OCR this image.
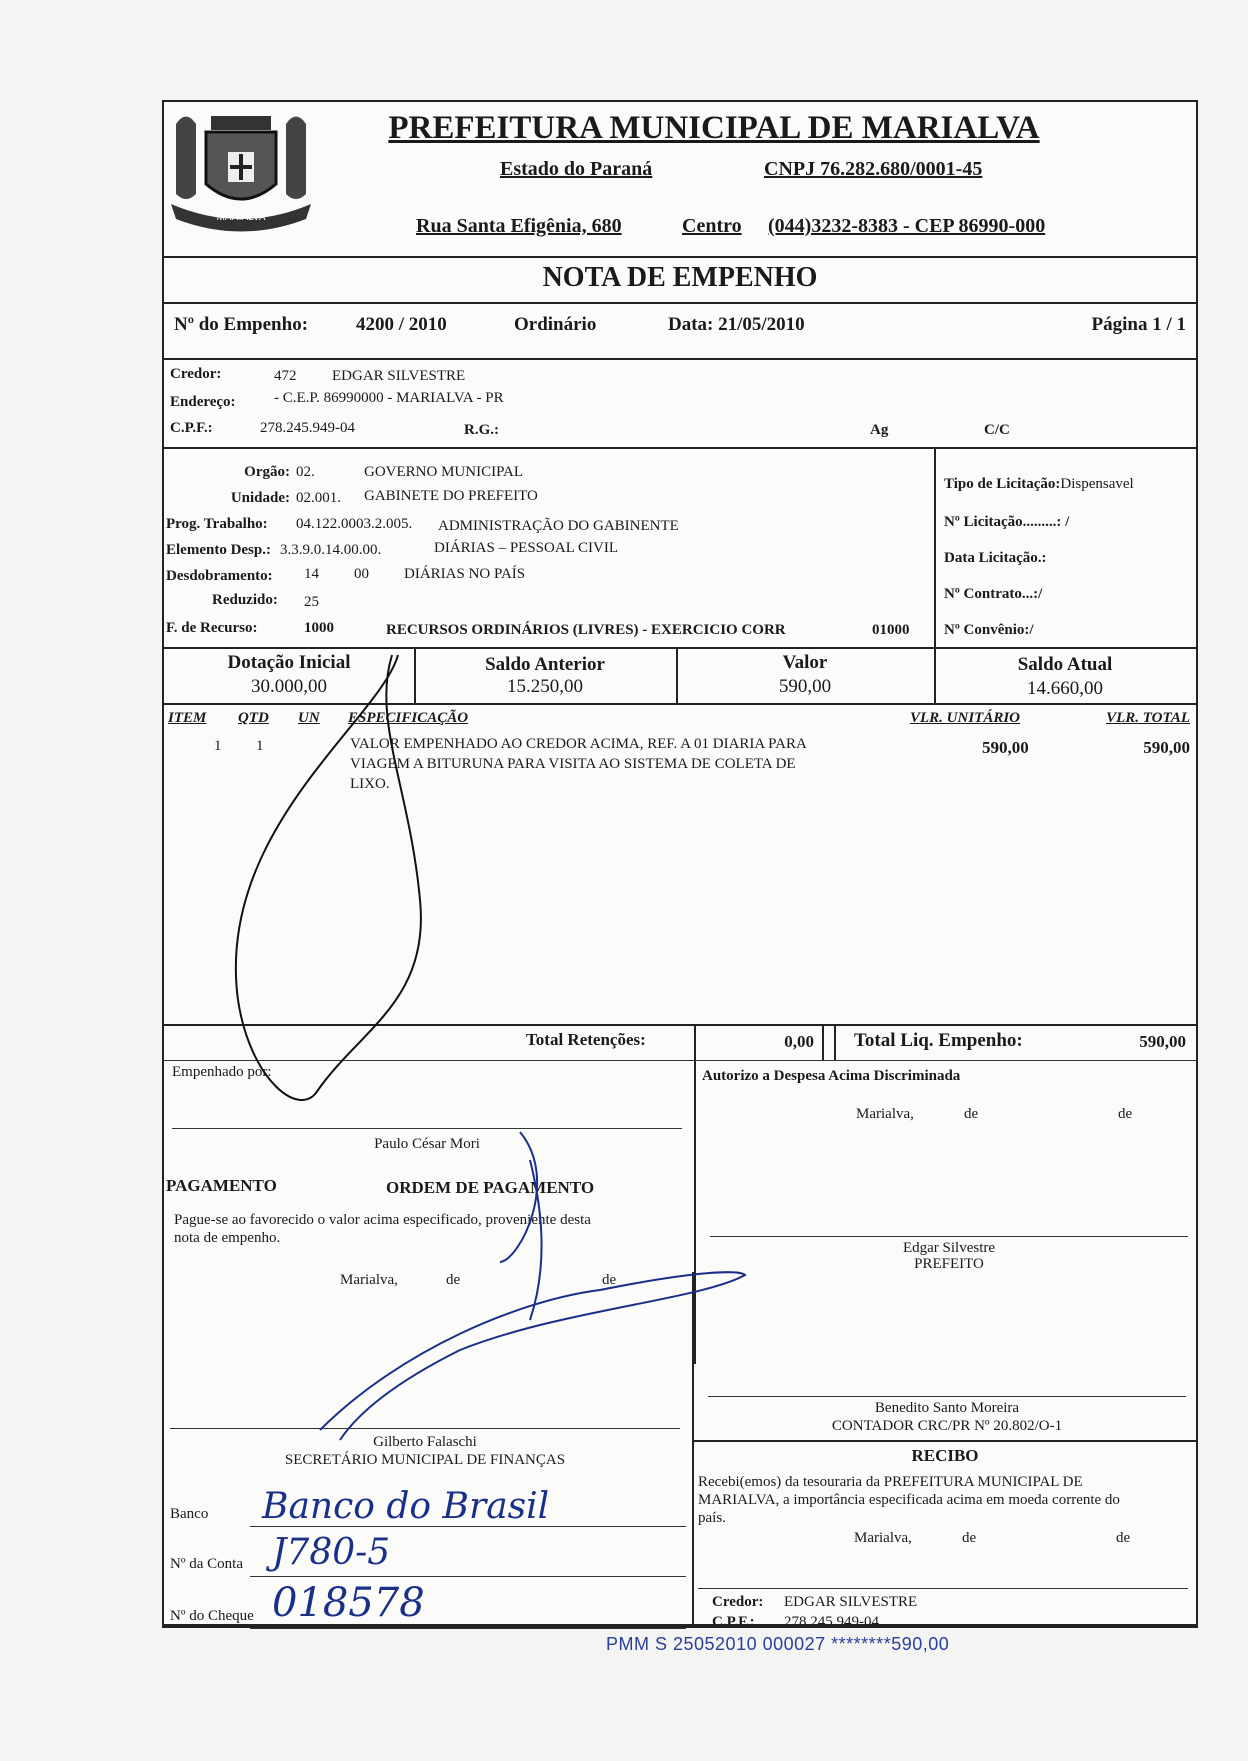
MARIALVA
PREFEITURA MUNICIPAL DE MARIALVA
Estado do Paraná	CNPJ 76.282.680/0001-45
Rua Santa Efigênia, 680	Centro (044)3232-8383 - CEP 86990-000
NOTA DE EMPENHO
Nº do Empenho:	4200 / 2010	Ordinário	Data: 21/05/2010	Página 1 / 1
Credor:	472 EDGAR SILVESTRE
Endereço:	- C.E.P. 86990000 - MARIALVA - PR
C.P.F.:	278.245.949-04	R.G.:	Ag	C/C
Orgão: 02.	GOVERNO MUNICIPAL
Unidade: 02.001. GABINETE DO PREFEITO
Prog. Trabalho: 04.122.0003.2.005. ADMINISTRAÇÃO DO GABINENTE
Elemento Desp.: 3.3.9.0.14.00.00.	DIÁRIAS – PESSOAL CIVIL
Desdobramento: 14 00 DIÁRIAS NO PAÍS
Reduzido: 25
F. de Recurso:	1000	RECURSOS ORDINÁRIOS (LIVRES) - EXERCICIO CORR	01000
Tipo de Licitação:Dispensavel
Nº Licitação.........: /
Data Licitação.:
Nº Contrato...:/
Nº Convênio:/
Dotação Inicial
30.000,00
Saldo Anterior
15.250,00
Valor
590,00
Saldo Atual
14.660,00
ITEM QTD UN ESPECIFICAÇÃO	VLR. UNITÁRIO	VLR. TOTAL
1 1	VALOR EMPENHADO AO CREDOR ACIMA, REF. A 01 DIARIA PARA
VIAGEM A BITURUNA PARA VISITA AO SISTEMA DE COLETA DE
LIXO.
590,00	590,00
Total Retenções:	0,00 Total Liq. Empenho:	590,00
Empenhado por:
Paulo César Mori
PAGAMENTO	ORDEM DE PAGAMENTO
Pague-se ao favorecido o valor acima especificado, proveniente desta
nota de empenho.
Marialva,	de	de
Autorizo a Despesa Acima Discriminada
Marialva,	de	de
Edgar Silvestre
PREFEITO
Benedito Santo Moreira
CONTADOR CRC/PR Nº 20.802/O-1
Gilberto Falaschi
SECRETÁRIO MUNICIPAL DE FINANÇAS	RECIBO
Recebi(emos) da tesouraria da PREFEITURA MUNICIPAL DE
MARIALVA, a importância especificada acima em moeda corrente do
país.
Marialva,	de	de
Credor: EDGAR SILVESTRE
C.P.F.: 278.245.949-04
Banco Banco do Brasil
Nº da Conta J780-5
Nº do Cheque 018578
PMM S 25052010 000027 ********590,00
